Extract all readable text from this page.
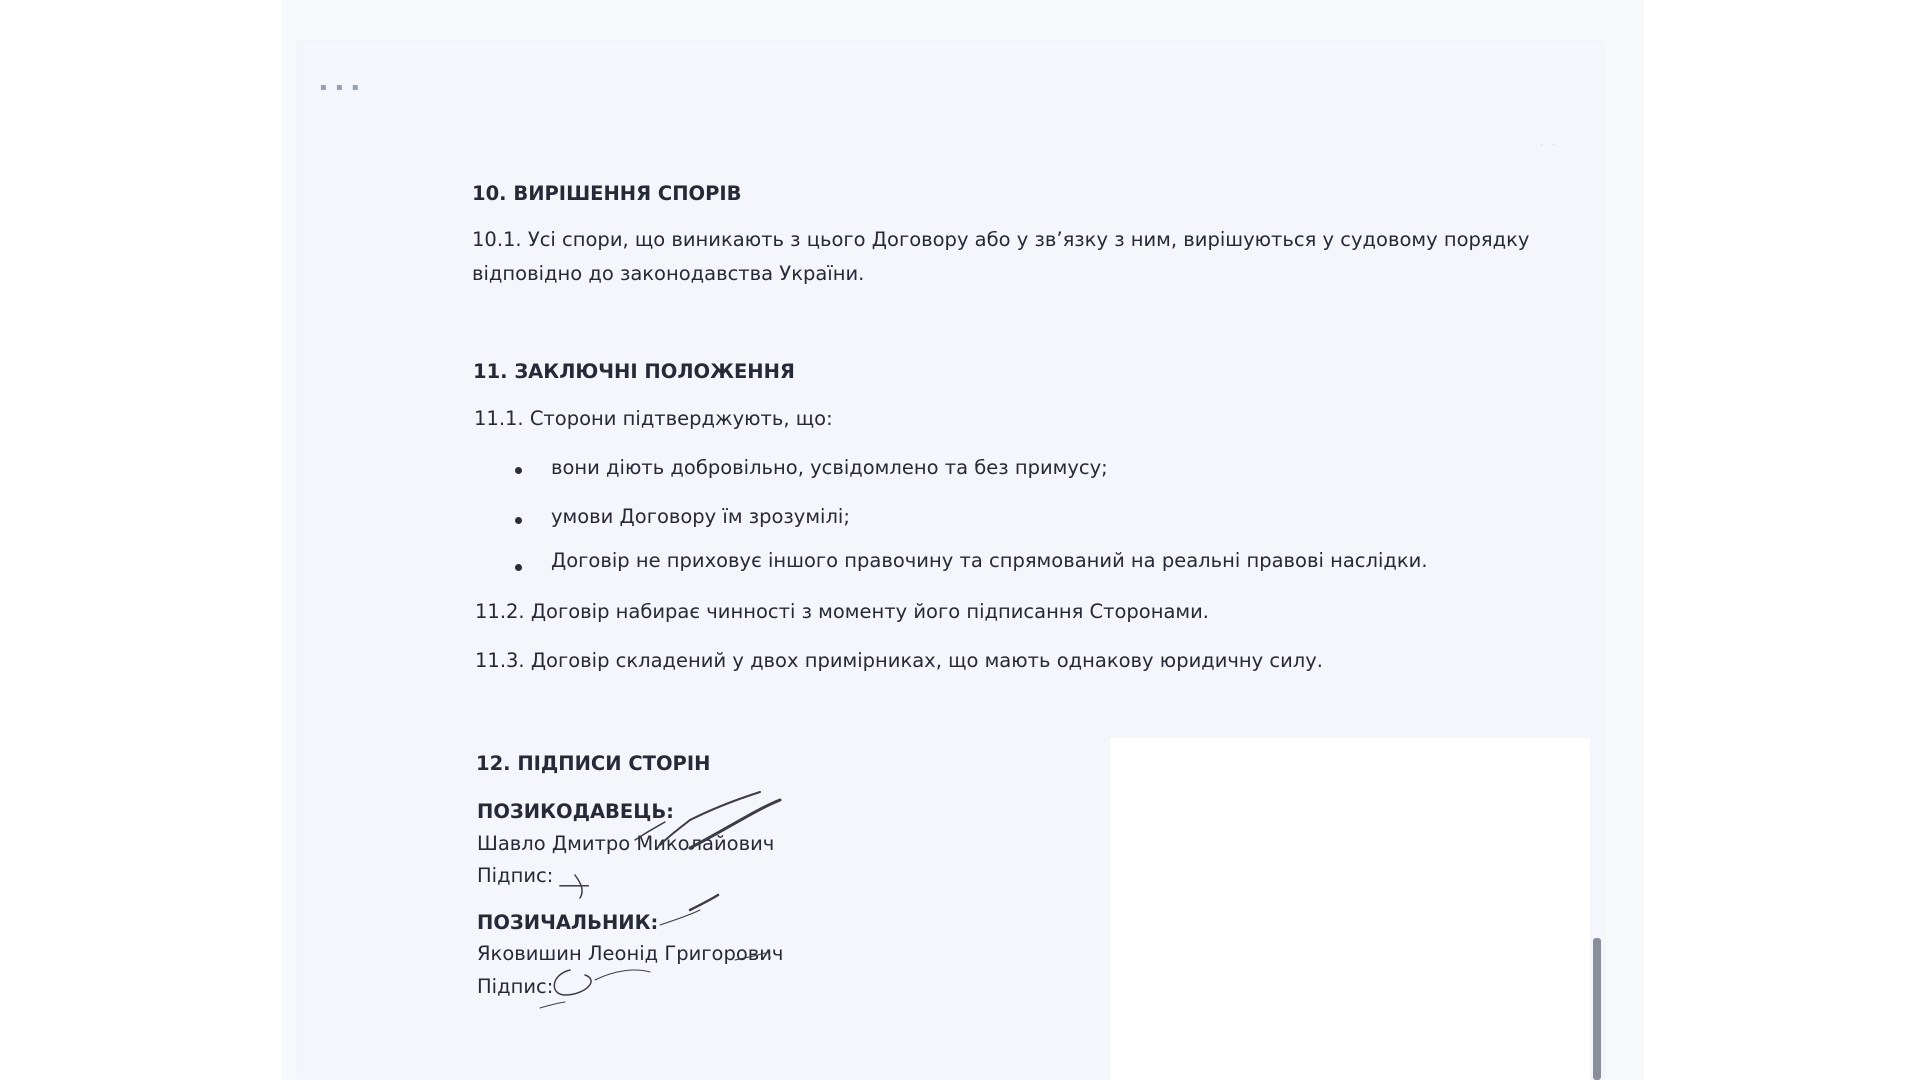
▪ ▪ ▪
· ·
10. ВИРІШЕННЯ СПОРІВ
10.1. Усі спори, що виникають з цього Договору або у зв’язку з ним, вирішуються у судовому порядку
відповідно до законодавства України.
11. ЗАКЛЮЧНІ ПОЛОЖЕННЯ
11.1. Сторони підтверджують, що:
вони діють добровільно, усвідомлено та без примусу;
умови Договору їм зрозумілі;
Договір не приховує іншого правочину та спрямований на реальні правові наслідки.
11.2. Договір набирає чинності з моменту його підписання Сторонами.
11.3. Договір складений у двох примірниках, що мають однакову юридичну силу.
12. ПІДПИСИ СТОРІН
ПОЗИКОДАВЕЦЬ:
Шавло Дмитро Миколайович
Підпис: ___
ПОЗИЧАЛЬНИК:
Яковишин Леонід Григорович
Підпис:
